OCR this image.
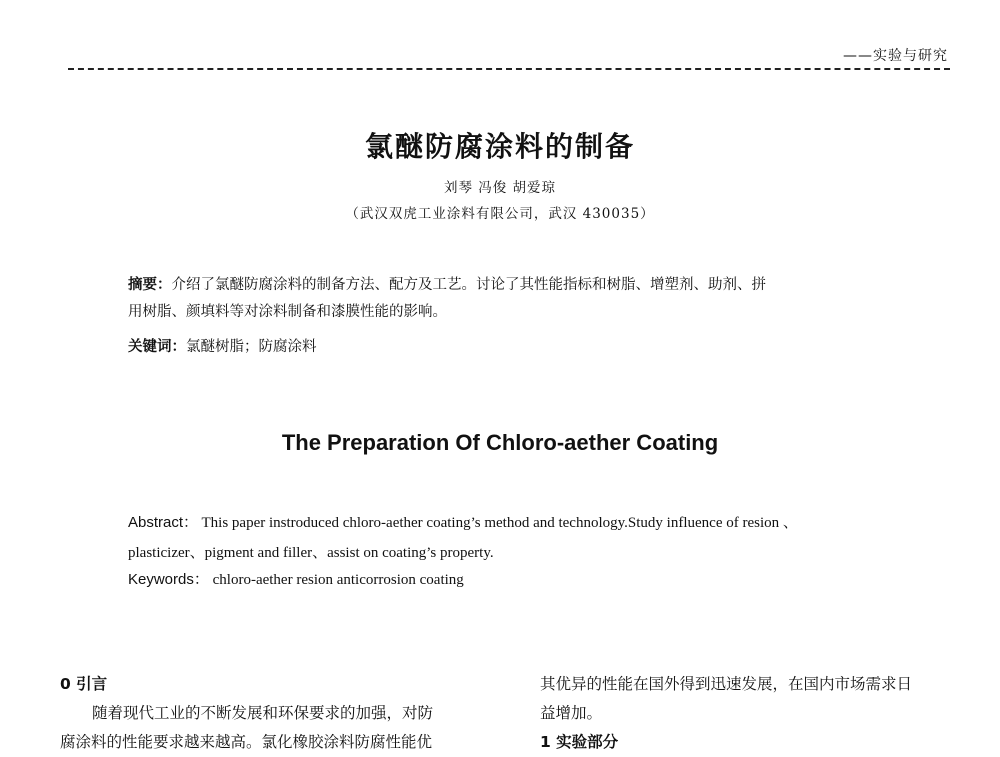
——实验与研究
氯醚防腐涂料的制备
刘琴 冯俊 胡爱琼
（武汉双虎工业涂料有限公司，武汉 430035）
摘要：介绍了氯醚防腐涂料的制备方法、配方及工艺。讨论了其性能指标和树脂、增塑剂、助剂、拼
用树脂、颜填料等对涂料制备和漆膜性能的影响。
关键词：氯醚树脂；防腐涂料
The Preparation Of Chloro-aether Coating
Abstract： This paper instroduced chloro-aether coating’s method and technology.Study influence of resion 、
plasticizer、pigment and filler、assist on coating’s property.
Keywords： chloro-aether resion anticorrosion coating
0 引言
随着现代工业的不断发展和环保要求的加强，对防
腐涂料的性能要求越来越高。氯化橡胶涂料防腐性能优
其优异的性能在国外得到迅速发展，在国内市场需求日
益增加。
1 实验部分
